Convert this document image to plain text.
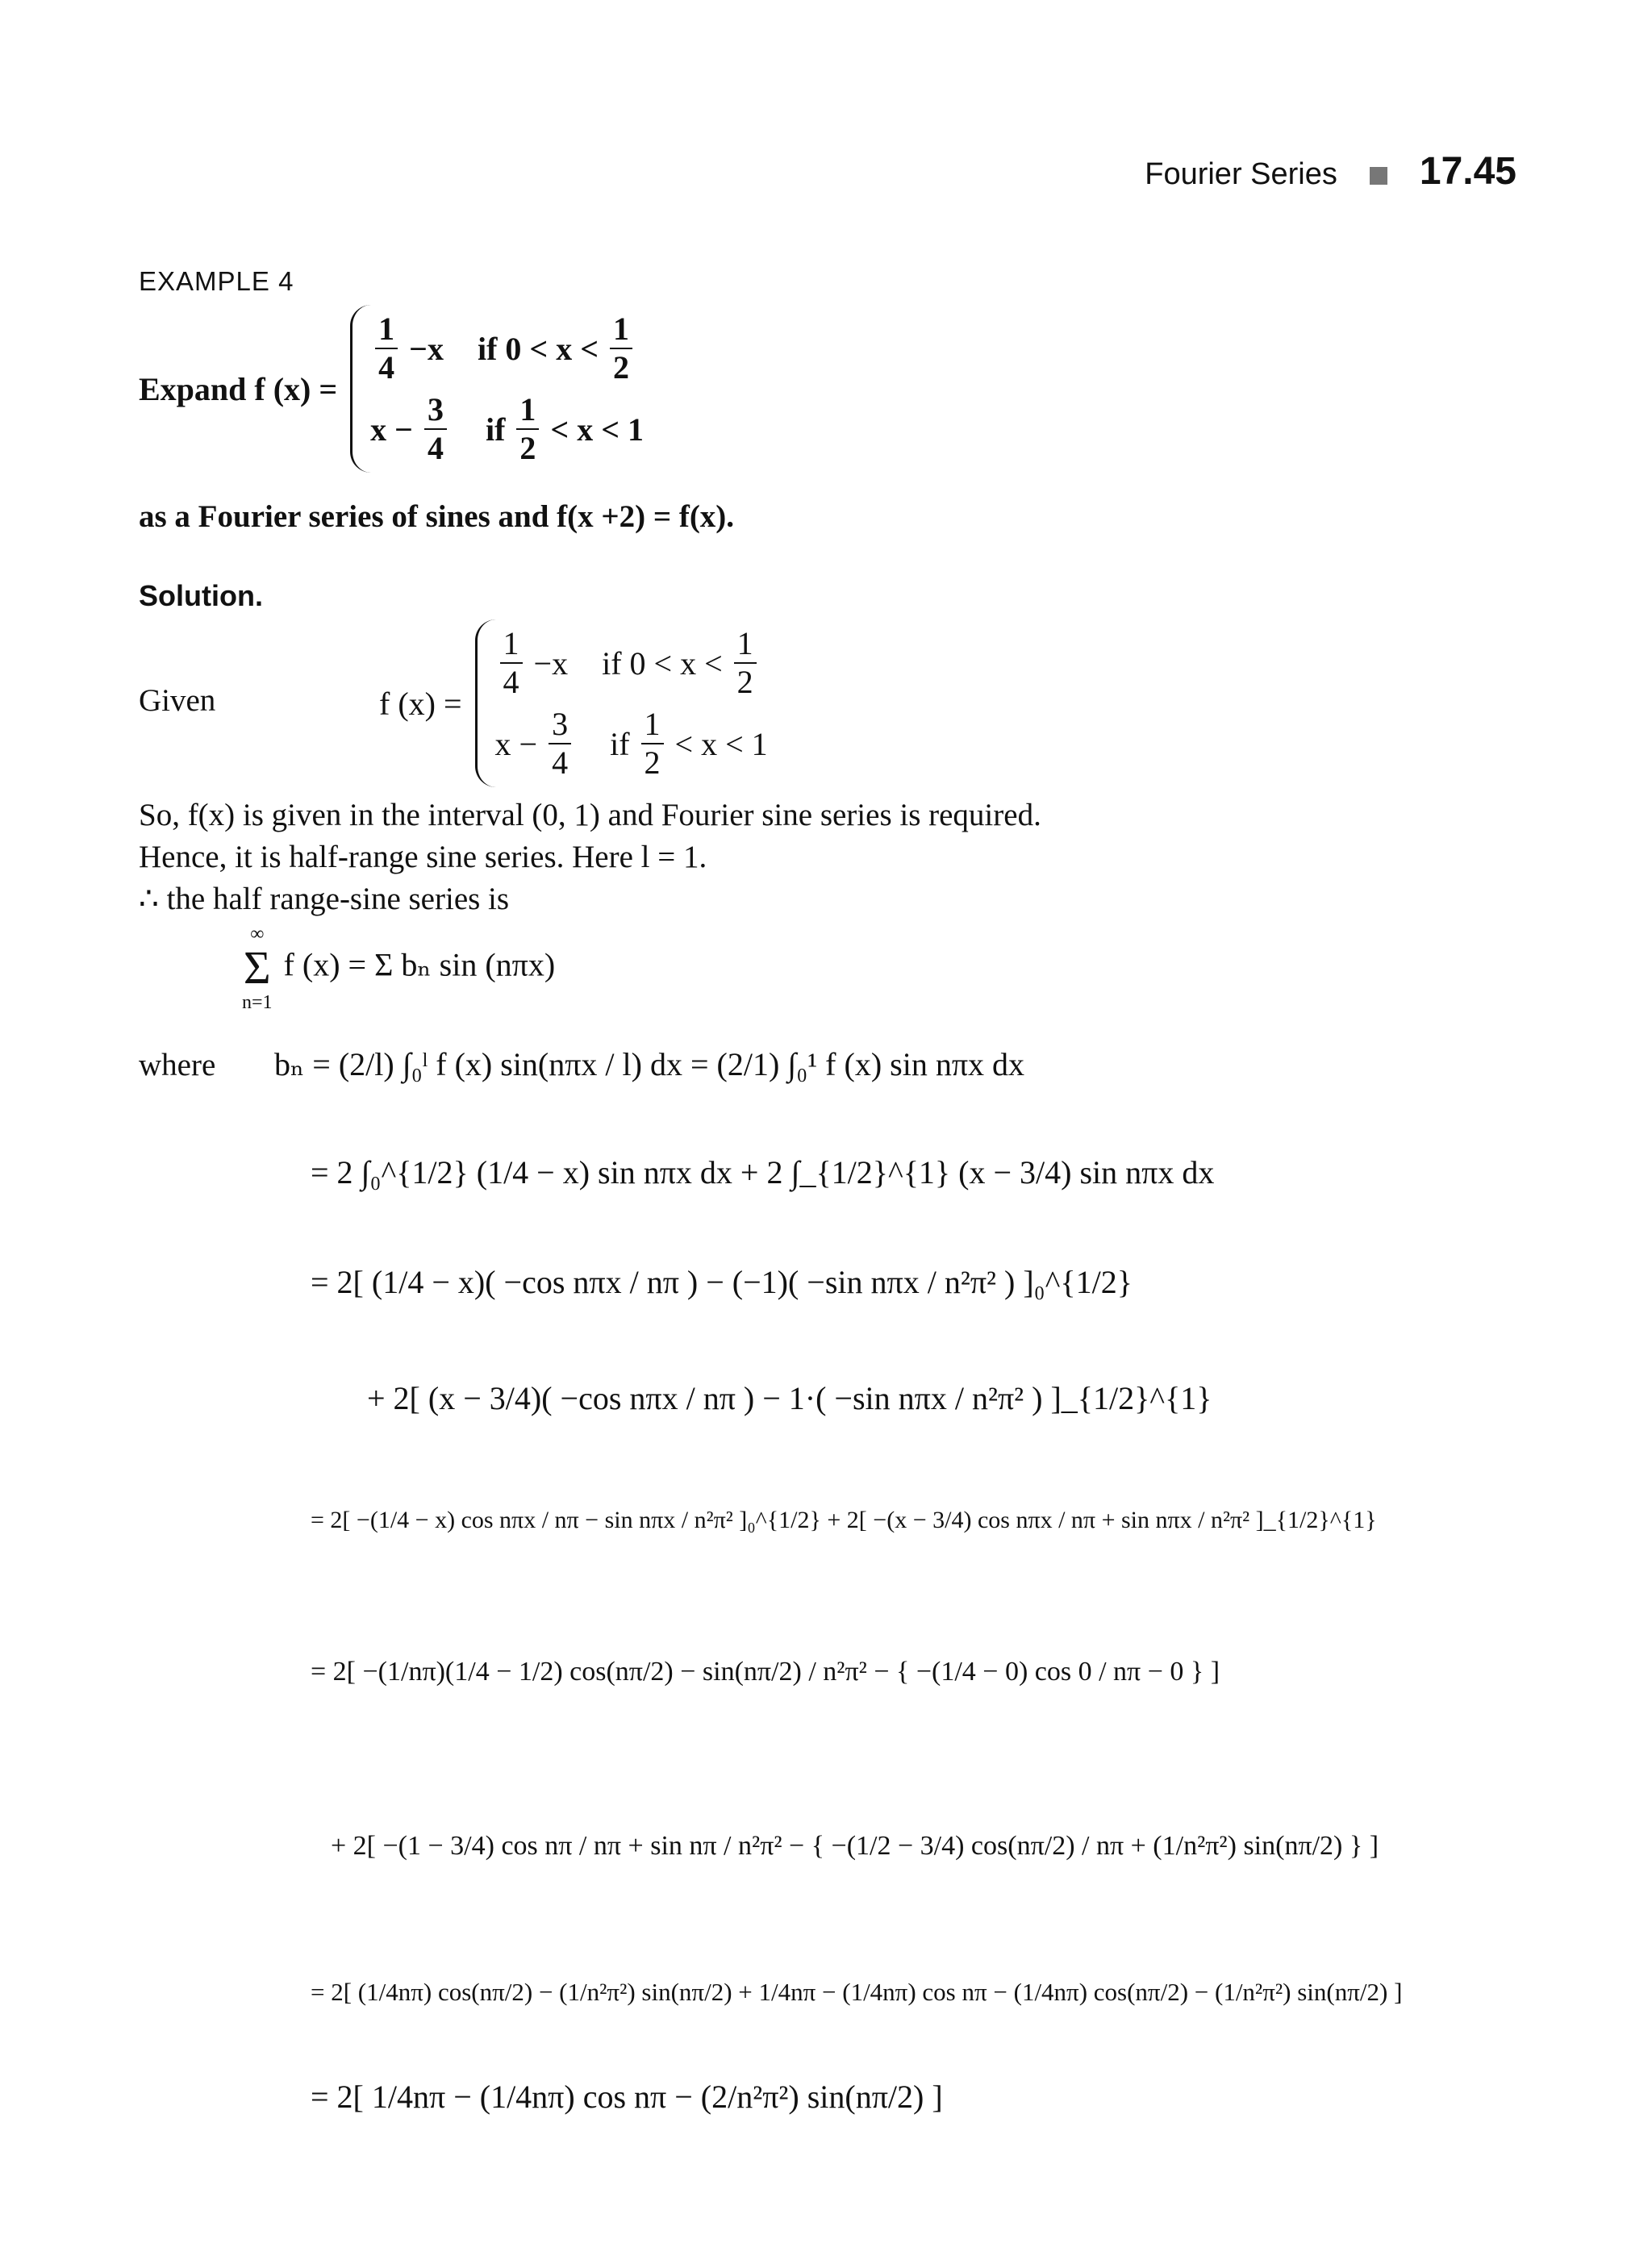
Fourier Series 17.45
EXAMPLE 4
Expand f (x) =
$\frac{1}{4} -x$ if $0 < x < \frac{1}{2}$
$x - \frac{3}{4}$ if $\frac{1}{2} < x < 1$
as a Fourier series of sines and f(x +2) = f(x).
Solution.
Given	f (x) =
$\frac{1}{4} -x$ if $0 < x < \frac{1}{2}$
$x - \frac{3}{4}$ if $\frac{1}{2} < x < 1$
So, f(x) is given in the interval (0, 1) and Fourier sine series is required.
Hence, it is half-range sine series. Here l = 1.
∴ the half range-sine series is
∞
Σ
n=1 f (x) = Σ bₙ sin (nπx)
where bₙ = (2/l) ∫₀ˡ f (x) sin(nπx / l) dx = (2/1) ∫₀¹ f (x) sin nπx dx
= 2 ∫₀^{1/2} (1/4 − x) sin nπx dx + 2 ∫_{1/2}^{1} (x − 3/4) sin nπx dx
= 2[ (1/4 − x)( −cos nπx / nπ ) − (−1)( −sin nπx / n²π² ) ]₀^{1/2}
+ 2[ (x − 3/4)( −cos nπx / nπ ) − 1·( −sin nπx / n²π² ) ]_{1/2}^{1}
= 2[ −(1/4 − x) cos nπx / nπ − sin nπx / n²π² ]₀^{1/2} + 2[ −(x − 3/4) cos nπx / nπ + sin nπx / n²π² ]_{1/2}^{1}
= 2[ −(1/nπ)(1/4 − 1/2) cos(nπ/2) − sin(nπ/2) / n²π² − { −(1/4 − 0) cos 0 / nπ − 0 } ]
+ 2[ −(1 − 3/4) cos nπ / nπ + sin nπ / n²π² − { −(1/2 − 3/4) cos(nπ/2) / nπ + (1/n²π²) sin(nπ/2) } ]
= 2[ (1/4nπ) cos(nπ/2) − (1/n²π²) sin(nπ/2) + 1/4nπ − (1/4nπ) cos nπ − (1/4nπ) cos(nπ/2) − (1/n²π²) sin(nπ/2) ]
= 2[ 1/4nπ − (1/4nπ) cos nπ − (2/n²π²) sin(nπ/2) ]
